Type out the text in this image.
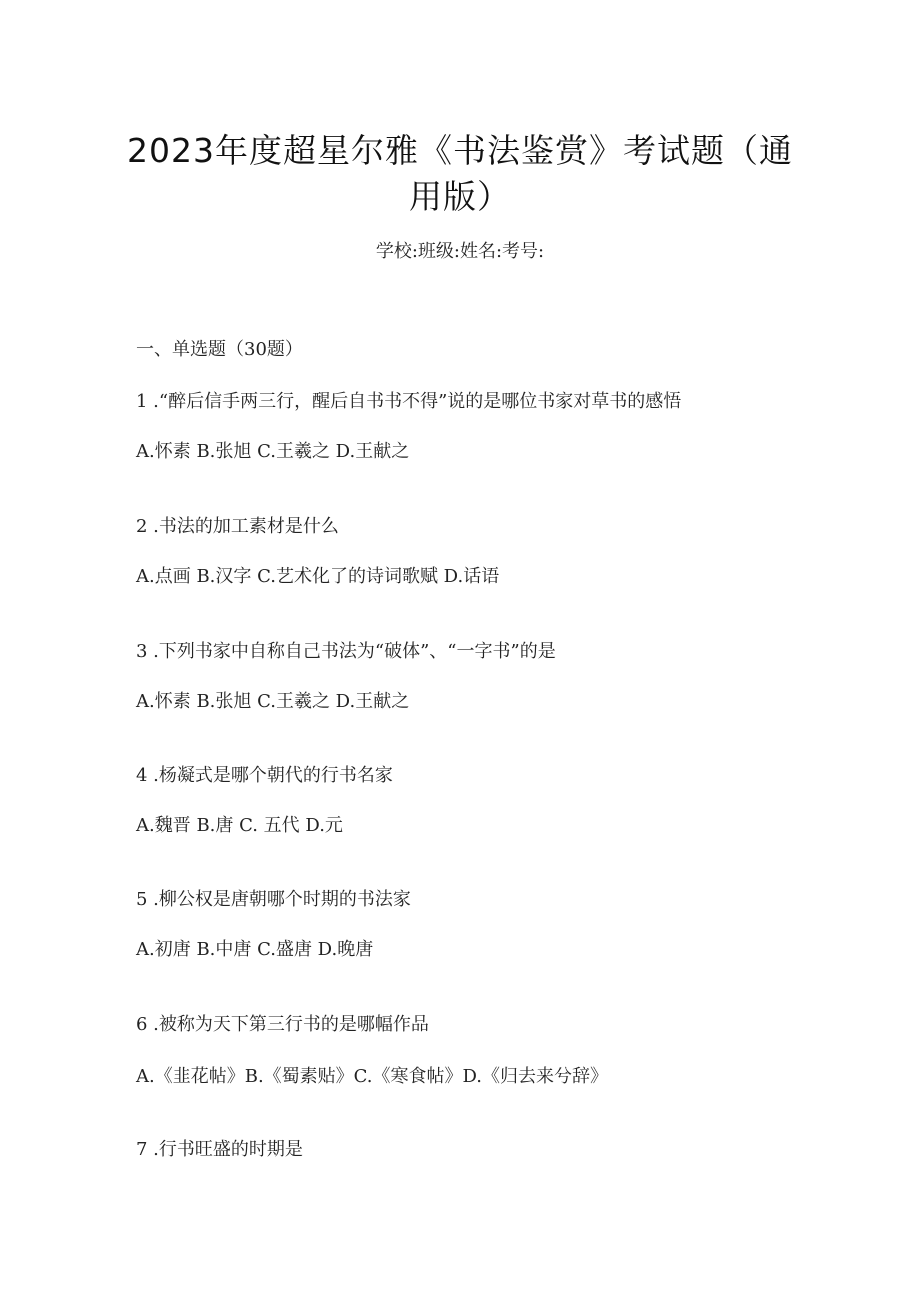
2023年度超星尔雅《书法鉴赏》考试题（通
用版）
学校:班级:姓名:考号:
一、单选题（30题）
1 .“醉后信手两三行，醒后自书书不得”说的是哪位书家对草书的感悟
A.怀素 B.张旭 C.王羲之 D.王献之
2 .书法的加工素材是什么
A.点画 B.汉字 C.艺术化了的诗词歌赋 D.话语
3 .下列书家中自称自己书法为“破体”、“一字书”的是
A.怀素 B.张旭 C.王羲之 D.王献之
4 .杨凝式是哪个朝代的行书名家
A.魏晋 B.唐 C. 五代 D.元
5 .柳公权是唐朝哪个时期的书法家
A.初唐 B.中唐 C.盛唐 D.晚唐
6 .被称为天下第三行书的是哪幅作品
A.《韭花帖》B.《蜀素贴》C.《寒食帖》D.《归去来兮辞》
7 .行书旺盛的时期是
